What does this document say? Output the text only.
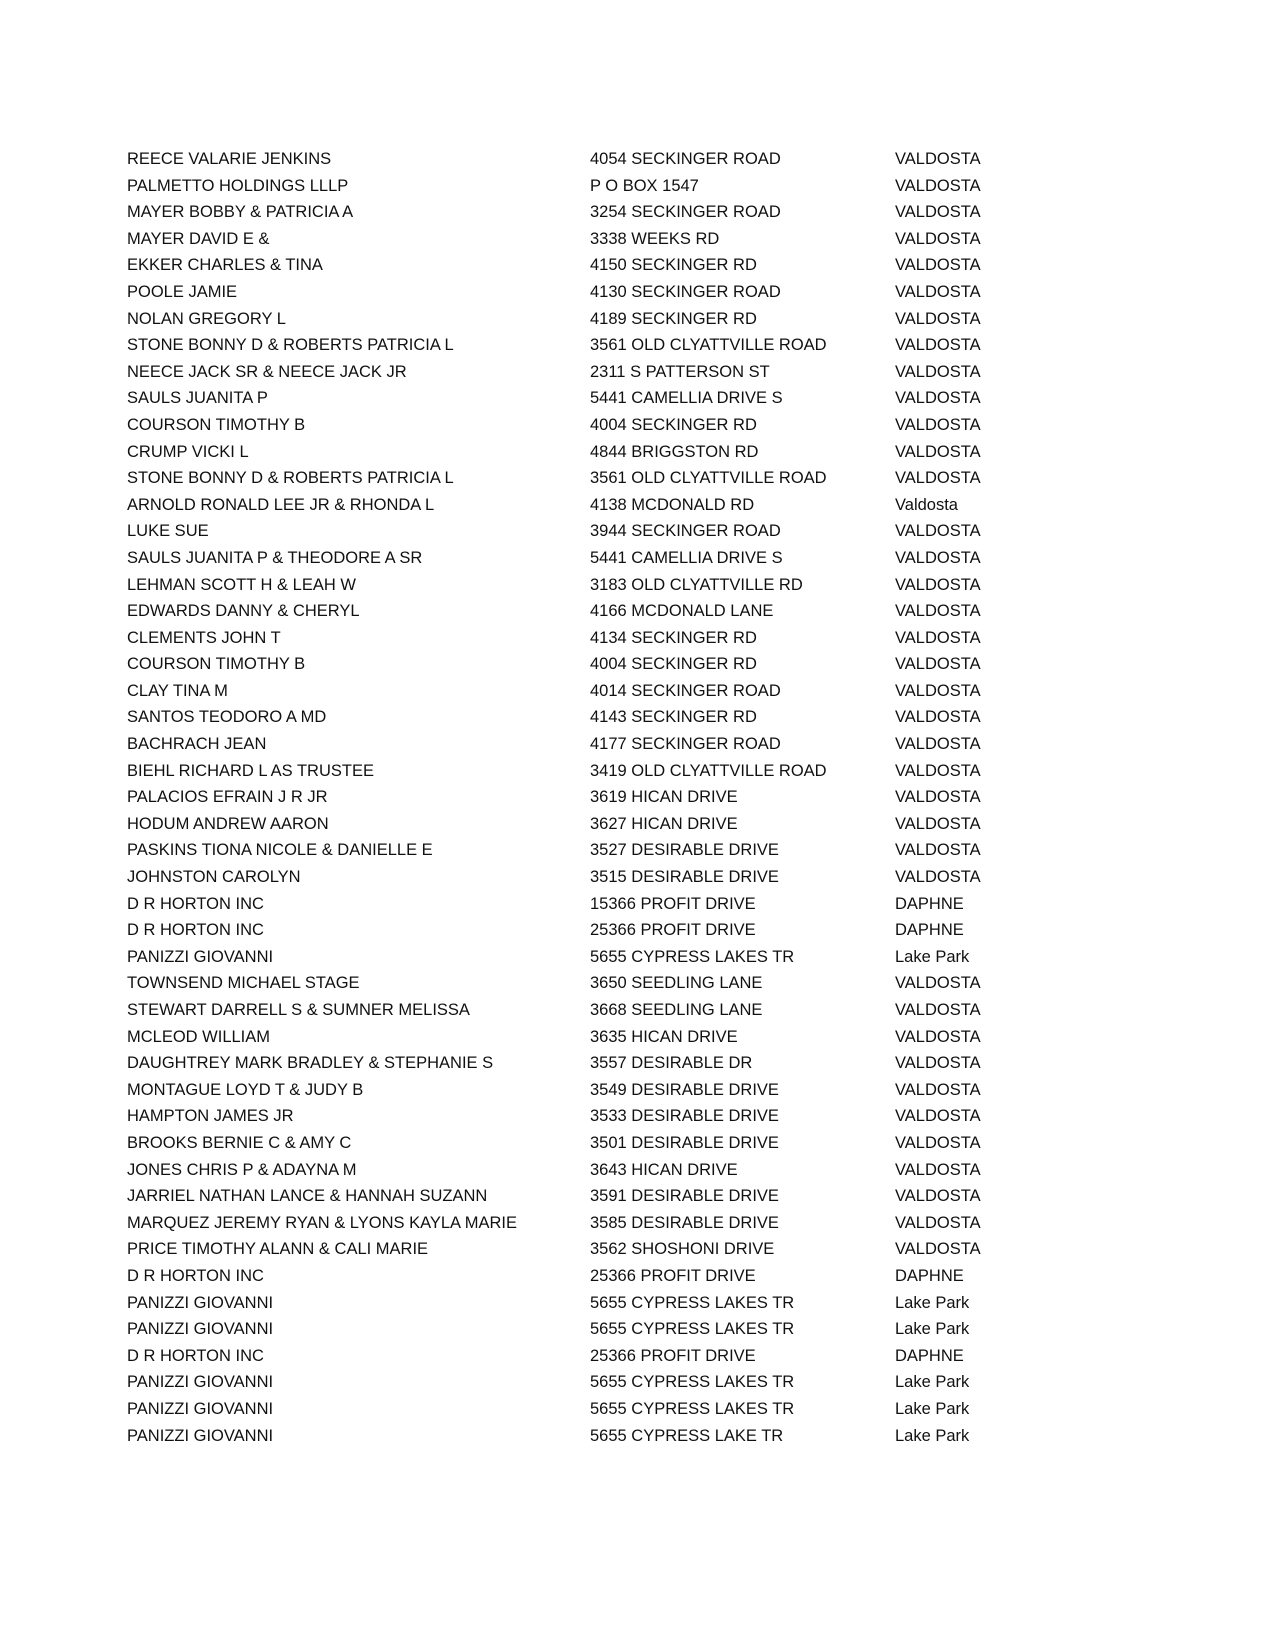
REECE VALARIE JENKINS	4054 SECKINGER ROAD	VALDOSTA
PALMETTO HOLDINGS LLLP	P O BOX 1547	VALDOSTA
MAYER BOBBY & PATRICIA A	3254 SECKINGER ROAD	VALDOSTA
MAYER DAVID E &	3338 WEEKS RD	VALDOSTA
EKKER CHARLES & TINA	4150 SECKINGER RD	VALDOSTA
POOLE JAMIE	4130 SECKINGER ROAD	VALDOSTA
NOLAN GREGORY L	4189 SECKINGER RD	VALDOSTA
STONE BONNY D & ROBERTS PATRICIA L	3561 OLD CLYATTVILLE ROAD	VALDOSTA
NEECE JACK SR & NEECE JACK JR	2311 S PATTERSON ST	VALDOSTA
SAULS JUANITA P	5441 CAMELLIA DRIVE S	VALDOSTA
COURSON TIMOTHY B	4004 SECKINGER RD	VALDOSTA
CRUMP VICKI L	4844 BRIGGSTON RD	VALDOSTA
STONE BONNY D & ROBERTS PATRICIA L	3561 OLD CLYATTVILLE ROAD	VALDOSTA
ARNOLD RONALD LEE JR & RHONDA L	4138 MCDONALD RD	Valdosta
LUKE SUE	3944 SECKINGER ROAD	VALDOSTA
SAULS JUANITA P & THEODORE A SR	5441 CAMELLIA DRIVE S	VALDOSTA
LEHMAN SCOTT H & LEAH W	3183 OLD CLYATTVILLE RD	VALDOSTA
EDWARDS DANNY & CHERYL	4166 MCDONALD LANE	VALDOSTA
CLEMENTS JOHN T	4134 SECKINGER RD	VALDOSTA
COURSON TIMOTHY B	4004 SECKINGER RD	VALDOSTA
CLAY TINA M	4014 SECKINGER ROAD	VALDOSTA
SANTOS TEODORO A MD	4143 SECKINGER RD	VALDOSTA
BACHRACH JEAN	4177 SECKINGER ROAD	VALDOSTA
BIEHL RICHARD L AS TRUSTEE	3419 OLD CLYATTVILLE ROAD	VALDOSTA
PALACIOS EFRAIN J R JR	3619 HICAN DRIVE	VALDOSTA
HODUM ANDREW AARON	3627 HICAN DRIVE	VALDOSTA
PASKINS TIONA NICOLE & DANIELLE E	3527 DESIRABLE DRIVE	VALDOSTA
JOHNSTON CAROLYN	3515 DESIRABLE DRIVE	VALDOSTA
D R HORTON INC	15366 PROFIT DRIVE	DAPHNE
D R HORTON INC	25366 PROFIT DRIVE	DAPHNE
PANIZZI GIOVANNI	5655 CYPRESS LAKES TR	Lake Park
TOWNSEND MICHAEL STAGE	3650 SEEDLING LANE	VALDOSTA
STEWART DARRELL S & SUMNER MELISSA	3668 SEEDLING LANE	VALDOSTA
MCLEOD WILLIAM	3635 HICAN DRIVE	VALDOSTA
DAUGHTREY MARK BRADLEY & STEPHANIE S	3557 DESIRABLE DR	VALDOSTA
MONTAGUE LOYD T & JUDY B	3549 DESIRABLE DRIVE	VALDOSTA
HAMPTON JAMES JR	3533 DESIRABLE DRIVE	VALDOSTA
BROOKS BERNIE C & AMY C	3501 DESIRABLE DRIVE	VALDOSTA
JONES CHRIS P & ADAYNA M	3643 HICAN DRIVE	VALDOSTA
JARRIEL NATHAN LANCE & HANNAH SUZANN	3591 DESIRABLE DRIVE	VALDOSTA
MARQUEZ JEREMY RYAN & LYONS KAYLA MARIE	3585 DESIRABLE DRIVE	VALDOSTA
PRICE TIMOTHY ALANN & CALI MARIE	3562 SHOSHONI DRIVE	VALDOSTA
D R HORTON INC	25366 PROFIT DRIVE	DAPHNE
PANIZZI GIOVANNI	5655 CYPRESS LAKES TR	Lake Park
PANIZZI GIOVANNI	5655 CYPRESS LAKES TR	Lake Park
D R HORTON INC	25366 PROFIT DRIVE	DAPHNE
PANIZZI GIOVANNI	5655 CYPRESS LAKES TR	Lake Park
PANIZZI GIOVANNI	5655 CYPRESS LAKES TR	Lake Park
PANIZZI GIOVANNI	5655 CYPRESS LAKE TR	Lake Park
